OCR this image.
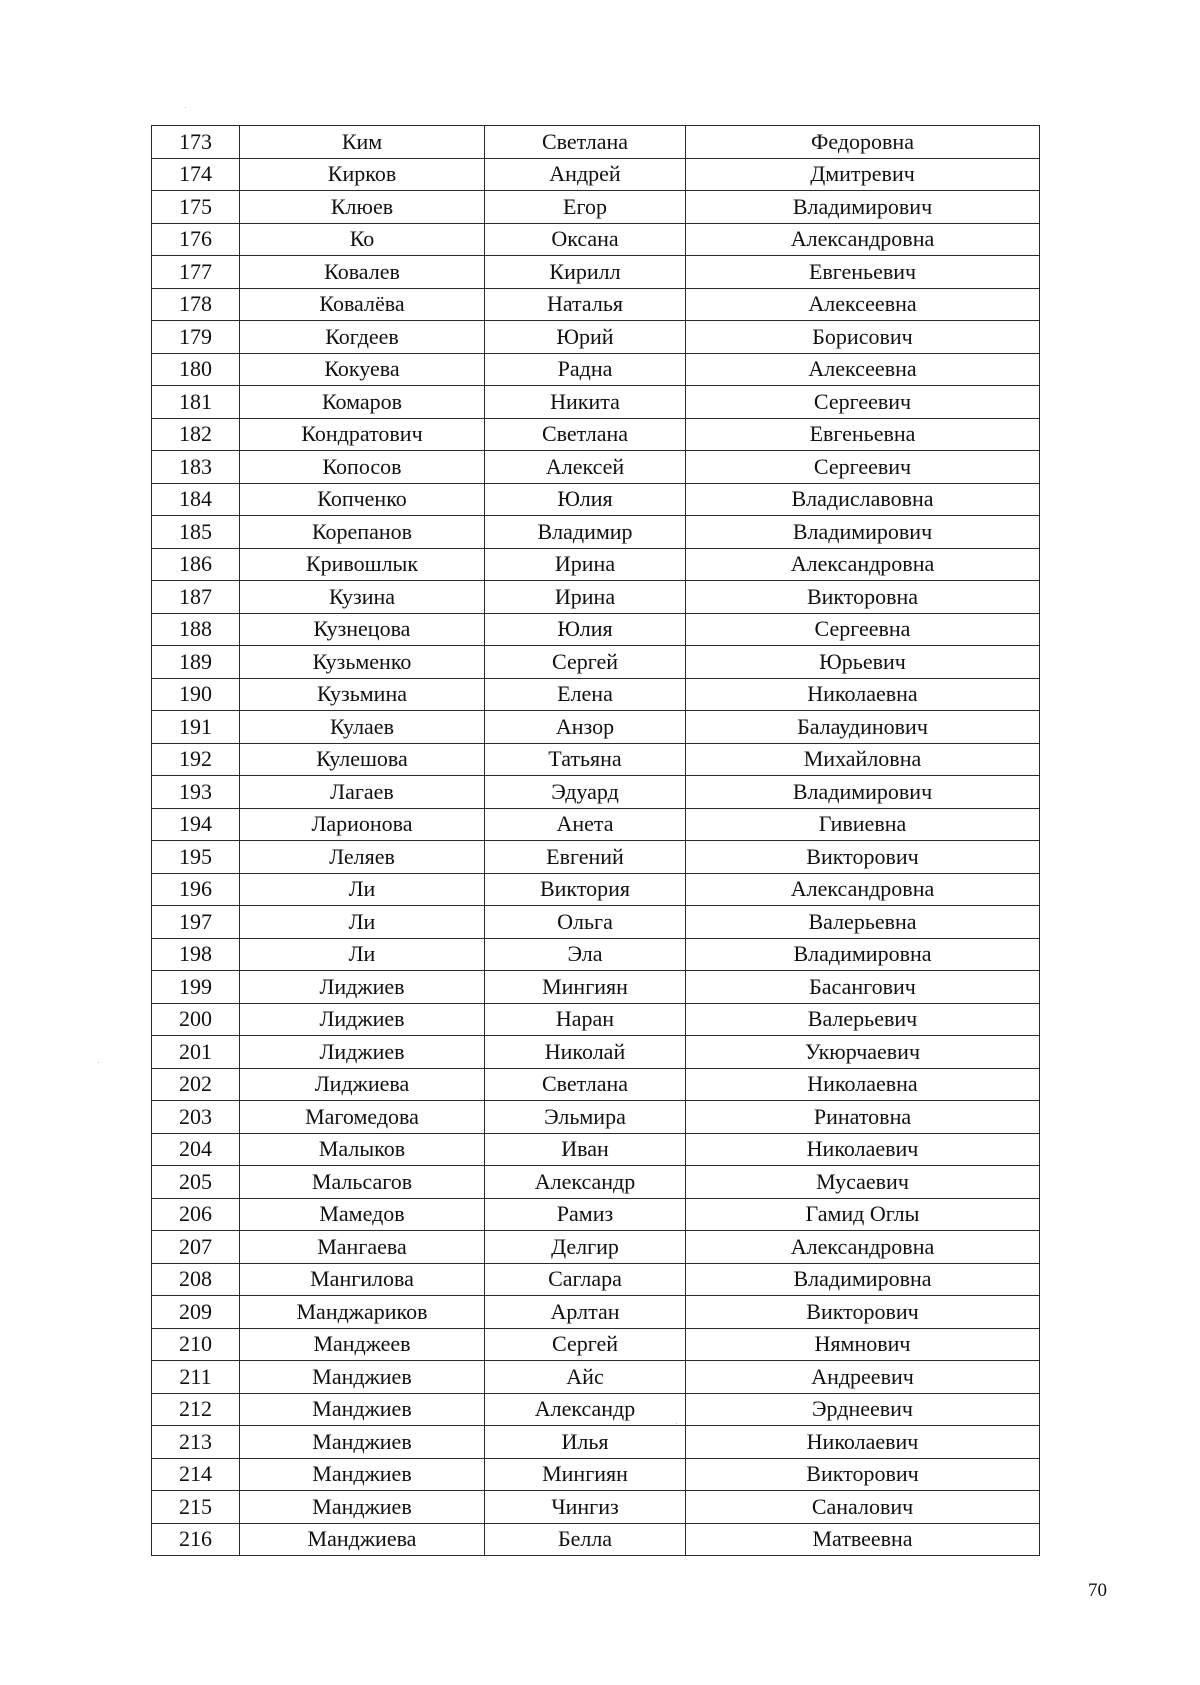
173	Ким	Светлана	Федоровна
174	Кирков	Андрей	Дмитревич
175	Клюев	Егор	Владимирович
176	Ко	Оксана	Александровна
177	Ковалев	Кирилл	Евгеньевич
178	Ковалёва	Наталья	Алексеевна
179	Когдеев	Юрий	Борисович
180	Кокуева	Радна	Алексеевна
181	Комаров	Никита	Сергеевич
182	Кондратович	Светлана	Евгеньевна
183	Копосов	Алексей	Сергеевич
184	Копченко	Юлия	Владиславовна
185	Корепанов	Владимир	Владимирович
186	Кривошлык	Ирина	Александровна
187	Кузина	Ирина	Викторовна
188	Кузнецова	Юлия	Сергеевна
189	Кузьменко	Сергей	Юрьевич
190	Кузьмина	Елена	Николаевна
191	Кулаев	Анзор	Балаудинович
192	Кулешова	Татьяна	Михайловна
193	Лагаев	Эдуард	Владимирович
194	Ларионова	Анета	Гивиевна
195	Леляев	Евгений	Викторович
196	Ли	Виктория	Александровна
197	Ли	Ольга	Валерьевна
198	Ли	Эла	Владимировна
199	Лиджиев	Мингиян	Басангович
200	Лиджиев	Наран	Валерьевич
201	Лиджиев	Николай	Укюрчаевич
202	Лиджиева	Светлана	Николаевна
203	Магомедова	Эльмира	Ринатовна
204	Малыков	Иван	Николаевич
205	Мальсагов	Александр	Мусаевич
206	Мамедов	Рамиз	Гамид Оглы
207	Мангаева	Делгир	Александровна
208	Мангилова	Саглара	Владимировна
209	Манджариков	Арлтан	Викторович
210	Манджеев	Сергей	Нямнович
211	Манджиев	Айс	Андреевич
212	Манджиев	Александр	Эрднеевич
213	Манджиев	Илья	Николаевич
214	Манджиев	Мингиян	Викторович
215	Манджиев	Чингиз	Саналович
216	Манджиева	Белла	Матвеевна
70
